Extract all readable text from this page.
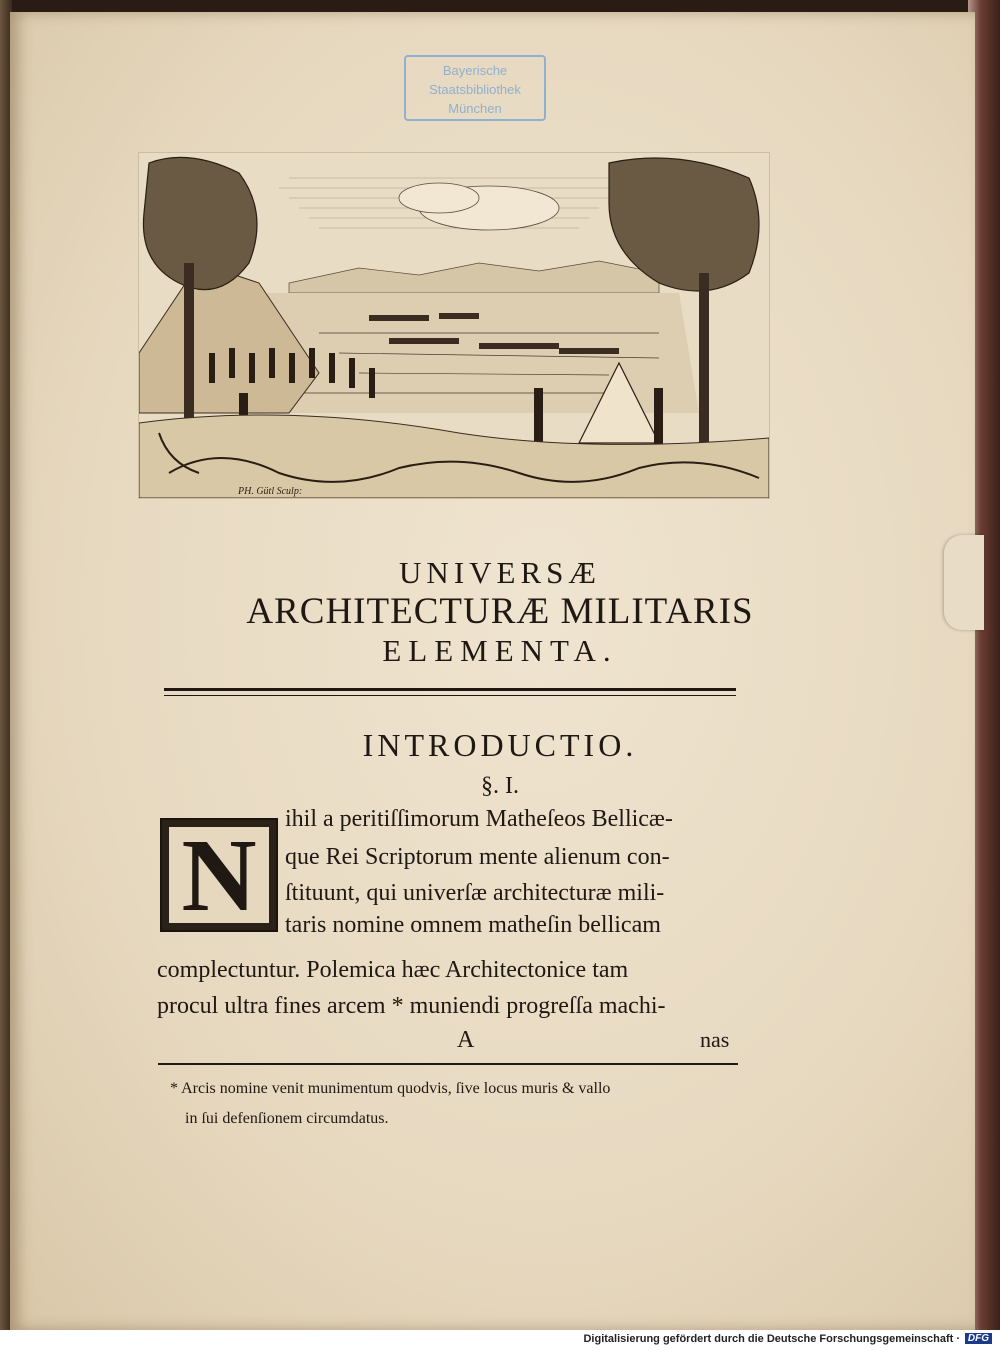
Bayerische
Staatsbibliothek
München
PH. Gütl Sculp:
UNIVERSÆ
ARCHITECTURÆ MILITARIS
ELEMENTA.
INTRODUCTIO.
§. I.
N	ihil a peritiſſimorum Matheſeos Bellicæ-
que Rei Scriptorum mente alienum con-
ſtituunt, qui univerſæ architecturæ mili-
taris nomine omnem matheſin bellicam
complectuntur. Polemica hæc Architectonice tam
procul ultra fines arcem * muniendi progreſſa machi-
A	nas
* Arcis nomine venit munimentum quodvis, ſive locus muris & vallo
in ſui defenſionem circumdatus.
Digitalisierung gefördert durch die Deutsche Forschungsgemeinschaft · DFG
